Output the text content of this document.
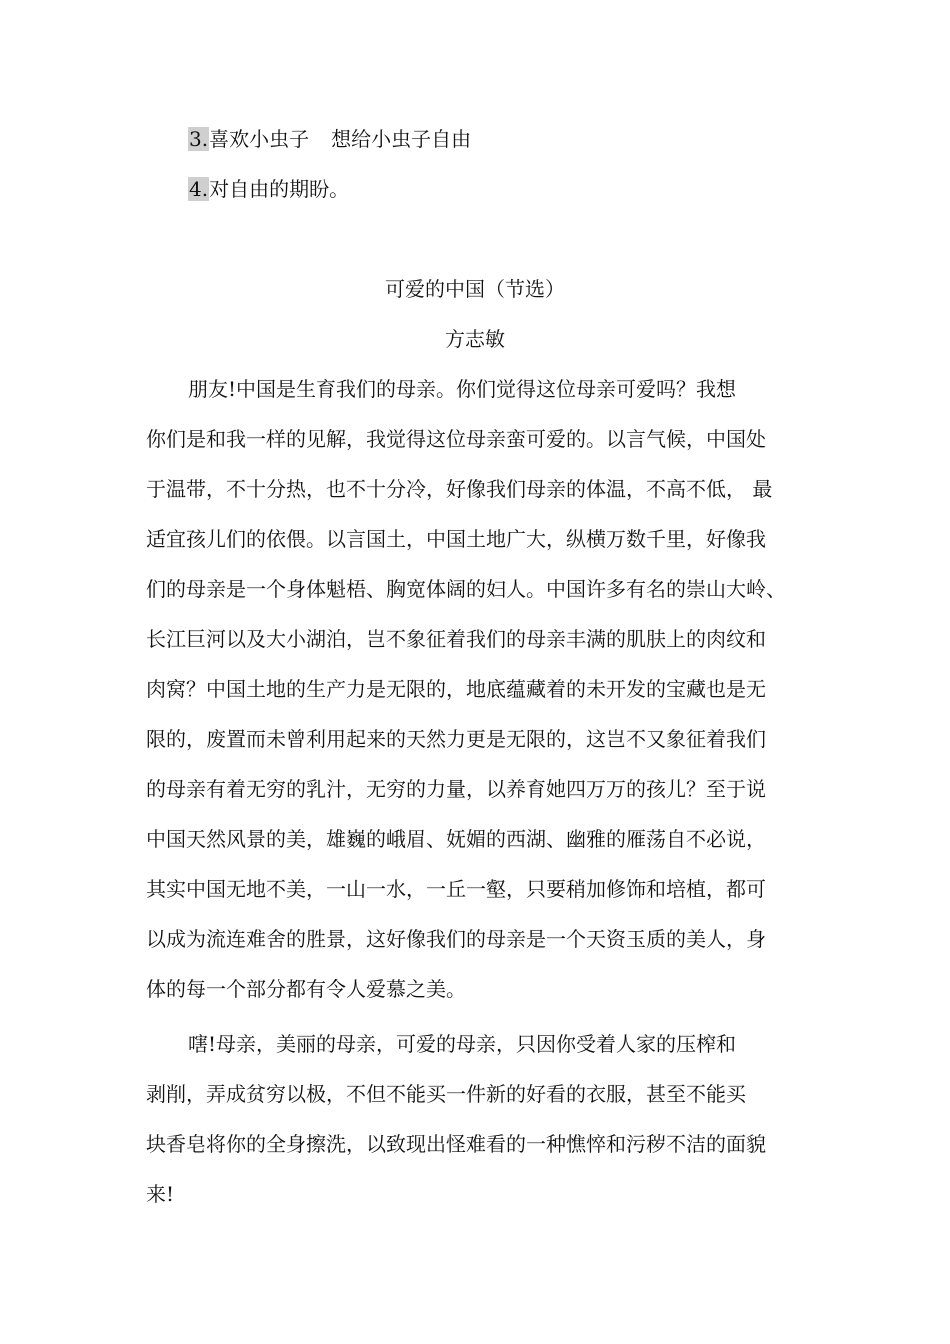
3.喜欢小虫子 想给小虫子自由
4.对自由的期盼。
可爱的中国（节选）
方志敏
朋友!中国是生育我们的母亲。你们觉得这位母亲可爱吗？我想
你们是和我一样的见解，我觉得这位母亲蛮可爱的。以言气候，中国处
于温带，不十分热，也不十分冷，好像我们母亲的体温，不高不低， 最
适宜孩儿们的依偎。以言国土，中国土地广大，纵横万数千里，好像我
们的母亲是一个身体魁梧、胸宽体阔的妇人。中国许多有名的崇山大岭、
长江巨河以及大小湖泊，岂不象征着我们的母亲丰满的肌肤上的肉纹和
肉窝？中国土地的生产力是无限的，地底蕴藏着的未开发的宝藏也是无
限的，废置而未曾利用起来的天然力更是无限的，这岂不又象征着我们
的母亲有着无穷的乳汁，无穷的力量，以养育她四万万的孩儿？至于说
中国天然风景的美，雄巍的峨眉、妩媚的西湖、幽雅的雁荡自不必说，
其实中国无地不美，一山一水，一丘一壑，只要稍加修饰和培植，都可
以成为流连难舍的胜景，这好像我们的母亲是一个天资玉质的美人，身
体的每一个部分都有令人爱慕之美。
嗐!母亲，美丽的母亲，可爱的母亲，只因你受着人家的压榨和
剥削，弄成贫穷以极，不但不能买一件新的好看的衣服，甚至不能买
块香皂将你的全身擦洗，以致现出怪难看的一种憔悴和污秽不洁的面貌
来!
